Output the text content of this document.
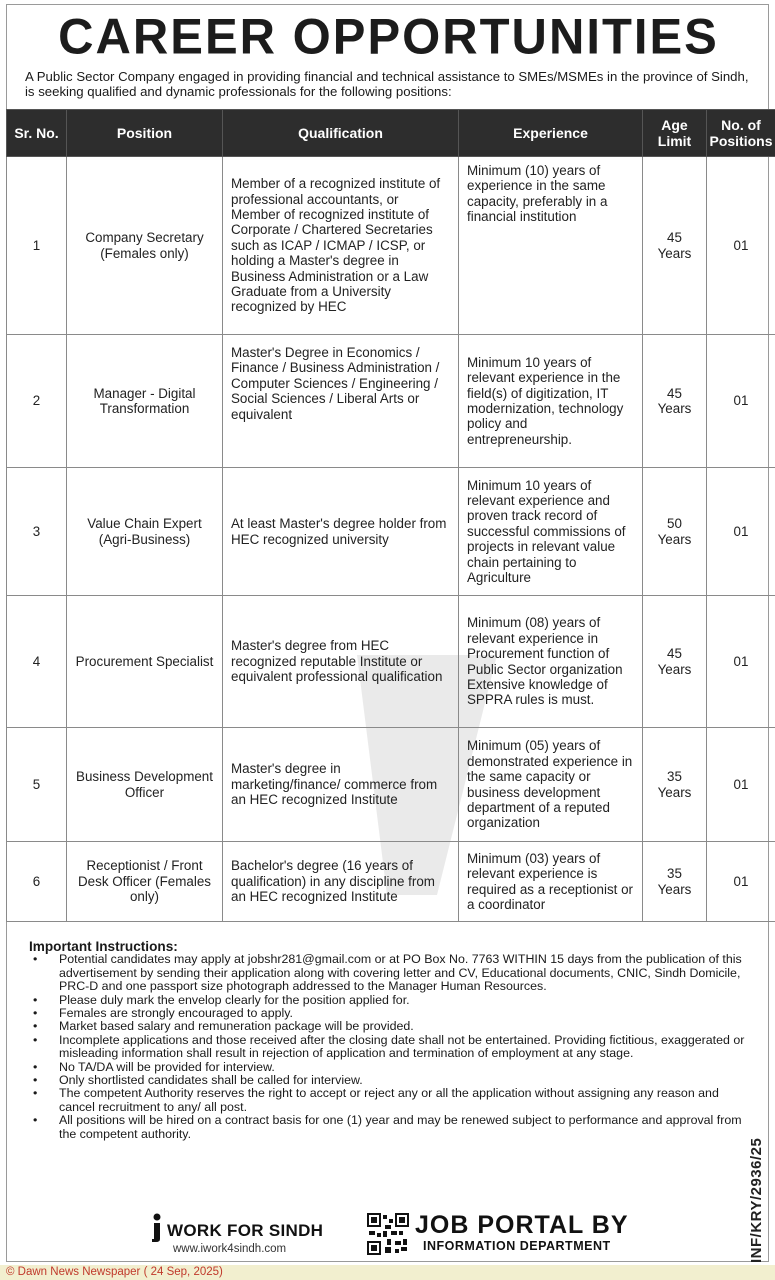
CAREER OPPORTUNITIES
A Public Sector Company engaged in providing financial and technical assistance to SMEs/MSMEs in the province of Sindh, is seeking qualified and dynamic professionals for the following positions:
Sr. No.	Position	Qualification	Experience	Age Limit	No. of Positions
1	Company Secretary (Females only)	Member of a recognized institute of professional accountants, or Member of recognized institute of Corporate / Chartered Secretaries such as ICAP / ICMAP / ICSP, or holding a Master's degree in Business Administration or a Law Graduate from a University recognized by HEC	Minimum (10) years of experience in the same capacity, preferably in a financial institution	45 Years	01
2	Manager - Digital Transformation	Master's Degree in Economics / Finance / Business Administration / Computer Sciences / Engineering / Social Sciences / Liberal Arts or equivalent	Minimum 10 years of relevant experience in the field(s) of digitization, IT modernization, technology policy and entrepreneurship.	45 Years	01
3	Value Chain Expert (Agri-Business)	At least Master's degree holder from HEC recognized university	Minimum 10 years of relevant experience and proven track record of successful commissions of projects in relevant value chain pertaining to Agriculture	50 Years	01
4	Procurement Specialist	Master's degree from HEC recognized reputable Institute or equivalent professional qualification	Minimum (08) years of relevant experience in Procurement function of Public Sector organization Extensive knowledge of SPPRA rules is must.	45 Years	01
5	Business Development Officer	Master's degree in marketing/finance/ commerce from an HEC recognized Institute	Minimum (05) years of demonstrated experience in the same capacity or business development department of a reputed organization	35 Years	01
6	Receptionist / Front Desk Officer (Females only)	Bachelor's degree (16 years of qualification) in any discipline from an HEC recognized Institute	Minimum (03) years of relevant experience is required as a receptionist or a coordinator	35 Years	01
Important Instructions:
• Potential candidates may apply at jobshr281@gmail.com or at PO Box No. 7763 WITHIN 15 days from the publication of this advertisement by sending their application along with covering letter and CV, Educational documents, CNIC, Sindh Domicile, PRC-D and one passport size photograph addressed to the Manager Human Resources.
• Please duly mark the envelop clearly for the position applied for.
• Females are strongly encouraged to apply.
• Market based salary and remuneration package will be provided.
• Incomplete applications and those received after the closing date shall not be entertained. Providing fictitious, exaggerated or misleading information shall result in rejection of application and termination of employment at any stage.
• No TA/DA will be provided for interview.
• Only shortlisted candidates shall be called for interview.
• The competent Authority reserves the right to accept or reject any or all the application without assigning any reason and cancel recruitment to any/ all post.
• All positions will be hired on a contract basis for one (1) year and may be renewed subject to performance and approval from the competent authority.
INF/KRY/2936/25
WORK FOR SINDH
www.iwork4sindh.com
JOB PORTAL BY
INFORMATION DEPARTMENT
© Dawn News Newspaper ( 24 Sep, 2025)
